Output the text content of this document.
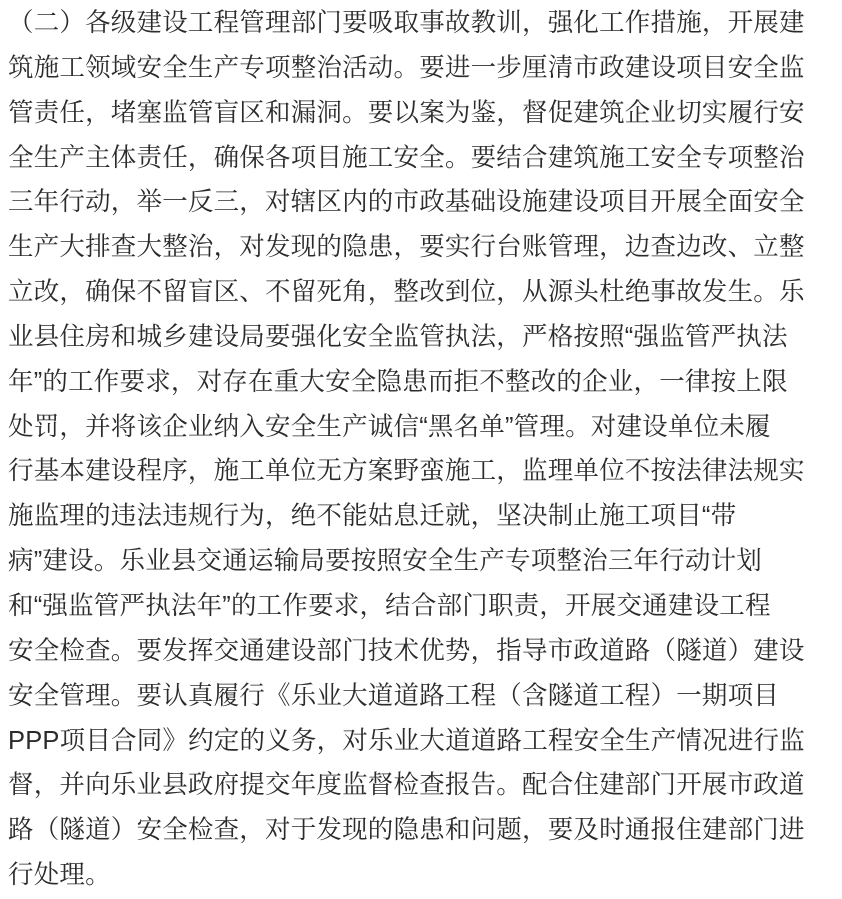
（二）各级建设工程管理部门要吸取事故教训，强化工作措施，开展建
筑施工领域安全生产专项整治活动。要进一步厘清市政建设项目安全监
管责任，堵塞监管盲区和漏洞。要以案为鉴，督促建筑企业切实履行安
全生产主体责任，确保各项目施工安全。要结合建筑施工安全专项整治
三年行动，举一反三，对辖区内的市政基础设施建设项目开展全面安全
生产大排查大整治，对发现的隐患，要实行台账管理，边查边改、立整
立改，确保不留盲区、不留死角，整改到位，从源头杜绝事故发生。乐
业县住房和城乡建设局要强化安全监管执法，严格按照“强监管严执法
年”的工作要求，对存在重大安全隐患而拒不整改的企业，一律按上限
处罚，并将该企业纳入安全生产诚信“黑名单”管理。对建设单位未履
行基本建设程序，施工单位无方案野蛮施工，监理单位不按法律法规实
施监理的违法违规行为，绝不能姑息迁就，坚决制止施工项目“带
病”建设。乐业县交通运输局要按照安全生产专项整治三年行动计划
和“强监管严执法年”的工作要求，结合部门职责，开展交通建设工程
安全检查。要发挥交通建设部门技术优势，指导市政道路（隧道）建设
安全管理。要认真履行《乐业大道道路工程（含隧道工程）一期项目
PPP项目合同》约定的义务，对乐业大道道路工程安全生产情况进行监
督，并向乐业县政府提交年度监督检查报告。配合住建部门开展市政道
路（隧道）安全检查，对于发现的隐患和问题，要及时通报住建部门进
行处理。
